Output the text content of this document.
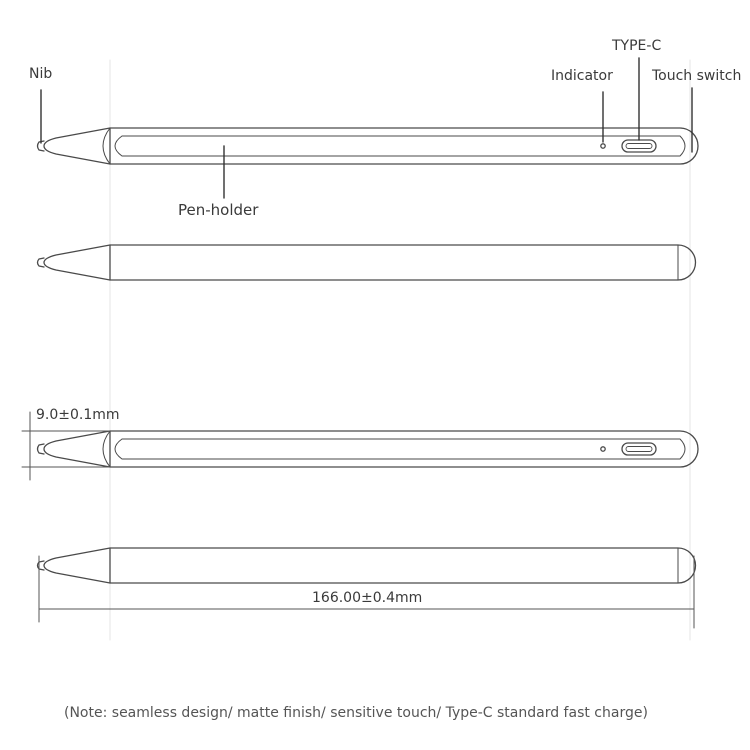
Nib
TYPE-C
Indicator	Touch switch
Pen-holder
9.0±0.1mm
166.00±0.4mm
(Note: seamless design/ matte finish/ sensitive touch/ Type-C standard fast charge)
